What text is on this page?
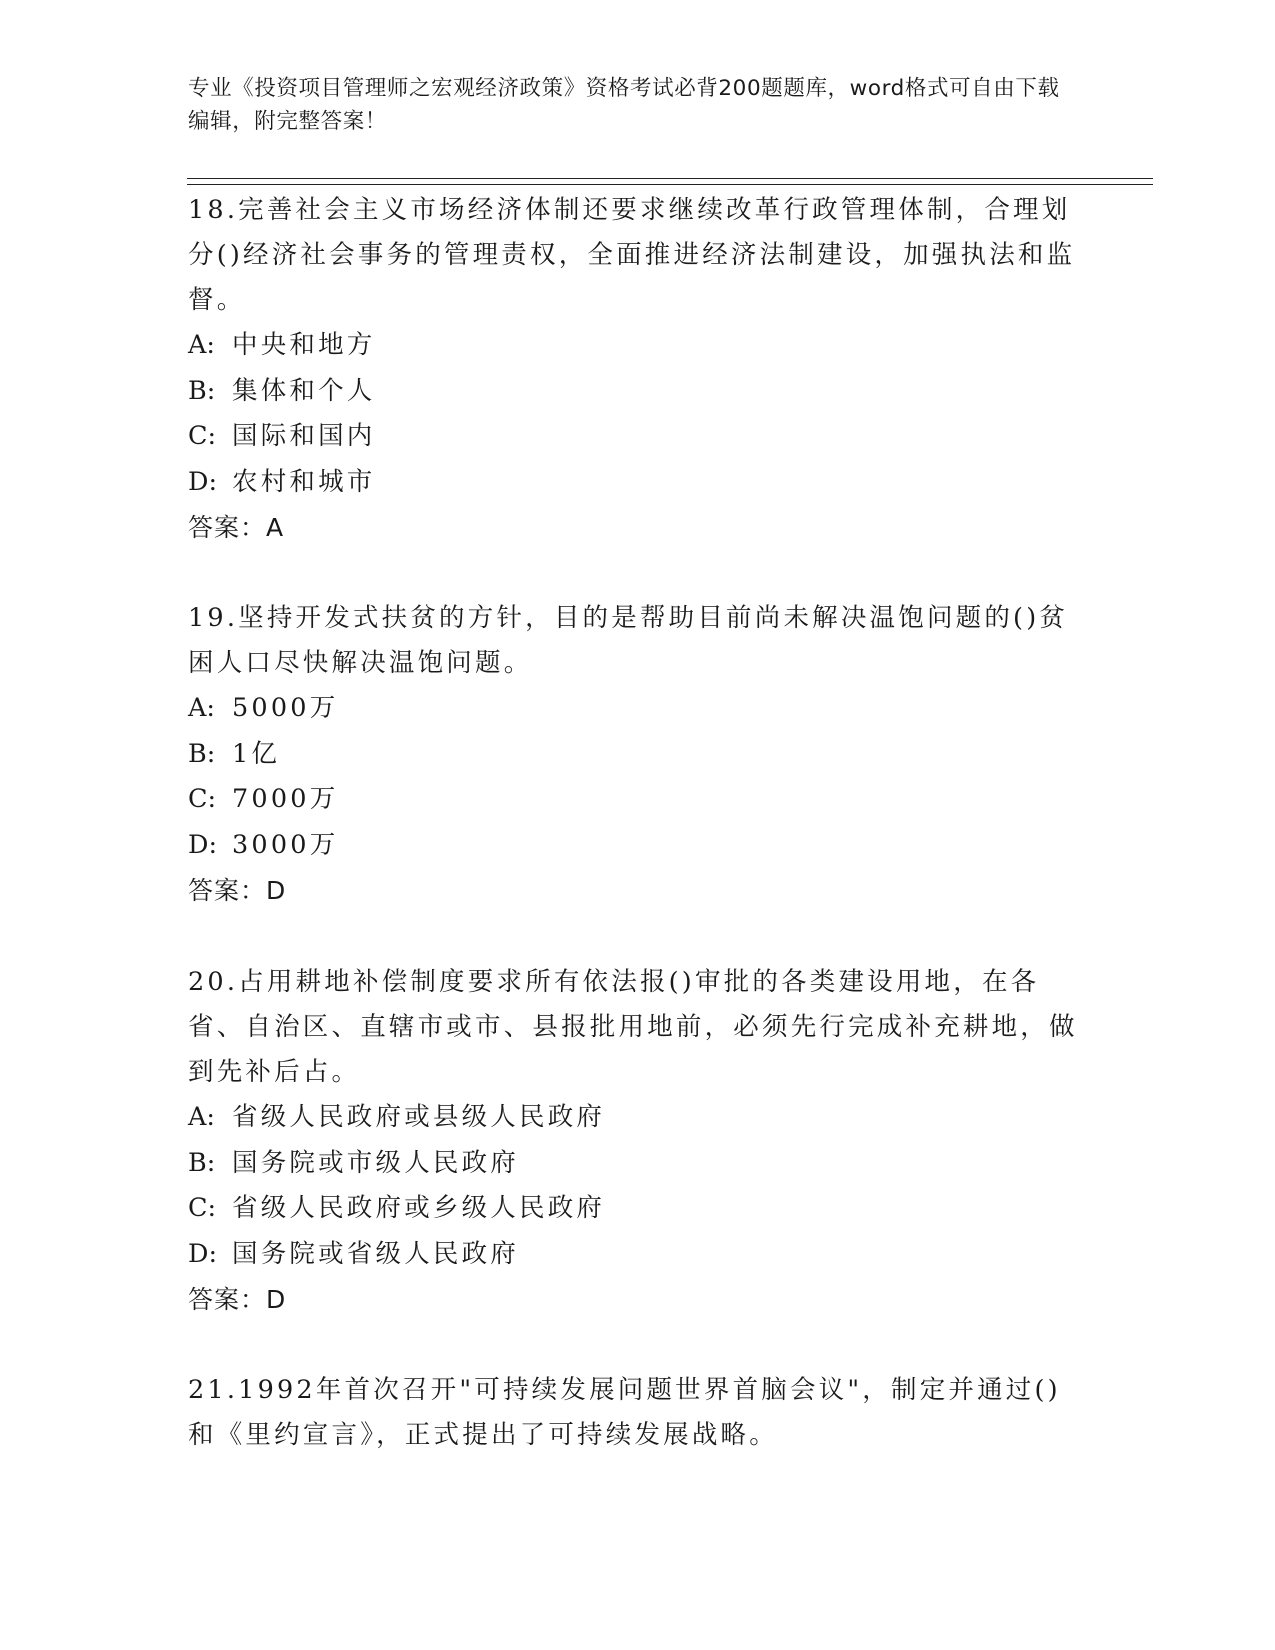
专业《投资项目管理师之宏观经济政策》资格考试必背200题题库，word格式可自由下载编辑，附完整答案！

18.完善社会主义市场经济体制还要求继续改革行政管理体制，合理划分()经济社会事务的管理责权，全面推进经济法制建设，加强执法和监督。

A: 中央和地方

B: 集体和个人

C: 国际和国内

D: 农村和城市

答案：A

19.坚持开发式扶贫的方针，目的是帮助目前尚未解决温饱问题的()贫困人口尽快解决温饱问题。

A: 5000万

B: 1亿

C: 7000万

D: 3000万

答案：D

20.占用耕地补偿制度要求所有依法报()审批的各类建设用地，在各省、自治区、直辖市或市、县报批用地前，必须先行完成补充耕地，做到先补后占。

A: 省级人民政府或县级人民政府

B: 国务院或市级人民政府

C: 省级人民政府或乡级人民政府

D: 国务院或省级人民政府

答案：D

21.1992年首次召开"可持续发展问题世界首脑会议"，制定并通过()和《里约宣言》，正式提出了可持续发展战略。
